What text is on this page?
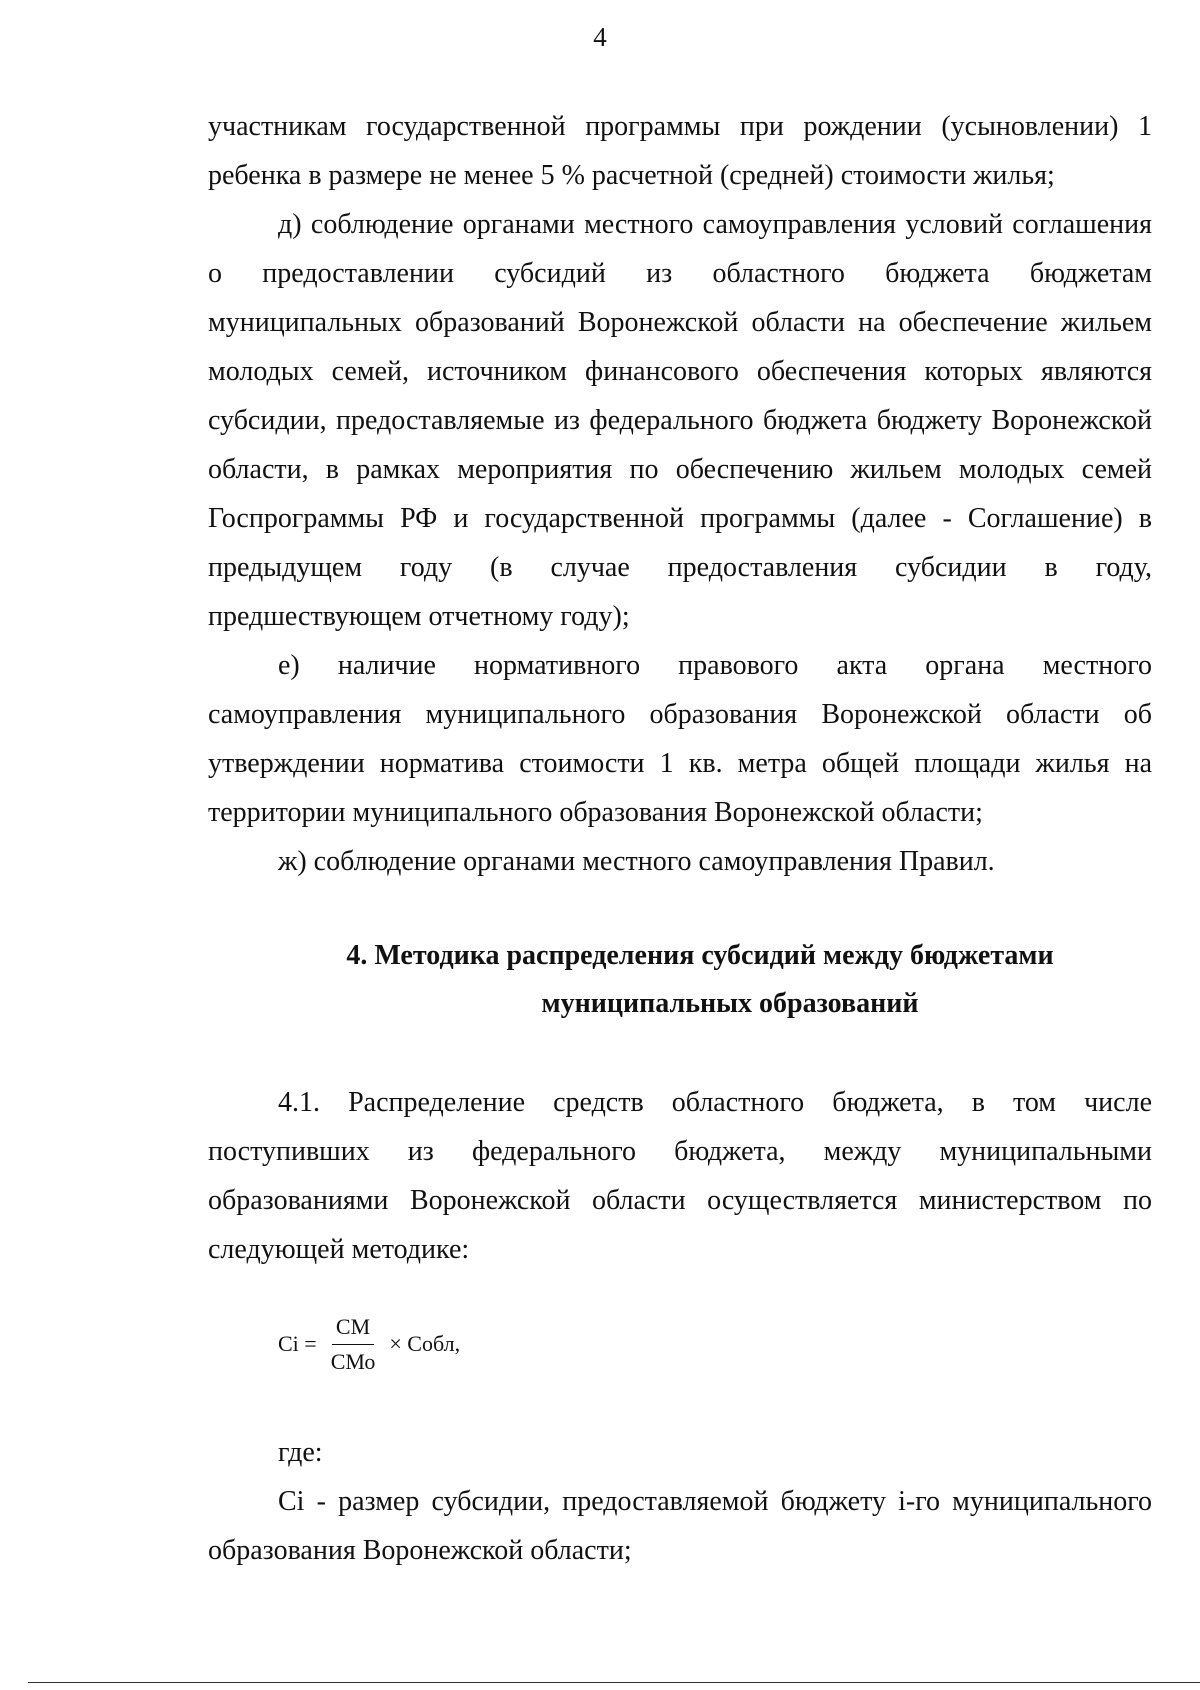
4

участникам государственной программы при рождении (усыновлении) 1 ребенка в размере не менее 5 % расчетной (средней) стоимости жилья;

д) соблюдение органами местного самоуправления условий соглашения о предоставлении субсидий из областного бюджета бюджетам муниципальных образований Воронежской области на обеспечение жильем молодых семей, источником финансового обеспечения которых являются субсидии, предоставляемые из федерального бюджета бюджету Воронежской области, в рамках мероприятия по обеспечению жильем молодых семей Госпрограммы РФ и государственной программы (далее - Соглашение) в предыдущем году (в случае предоставления субсидии в году, предшествующем отчетному году);

е) наличие нормативного правового акта органа местного самоуправления муниципального образования Воронежской области об утверждении норматива стоимости 1 кв. метра общей площади жилья на территории муниципального образования Воронежской области;

ж) соблюдение органами местного самоуправления Правил.

4. Методика распределения субсидий между бюджетами
муниципальных образований

4.1. Распределение средств областного бюджета, в том числе поступивших из федерального бюджета, между муниципальными образованиями Воронежской области осуществляется министерством по следующей методике:

$Ci = \frac{СМ}{\text{СМо}}$ × Собл,

где:

Ci - размер субсидии, предоставляемой бюджету i-го муниципального образования Воронежской области;
